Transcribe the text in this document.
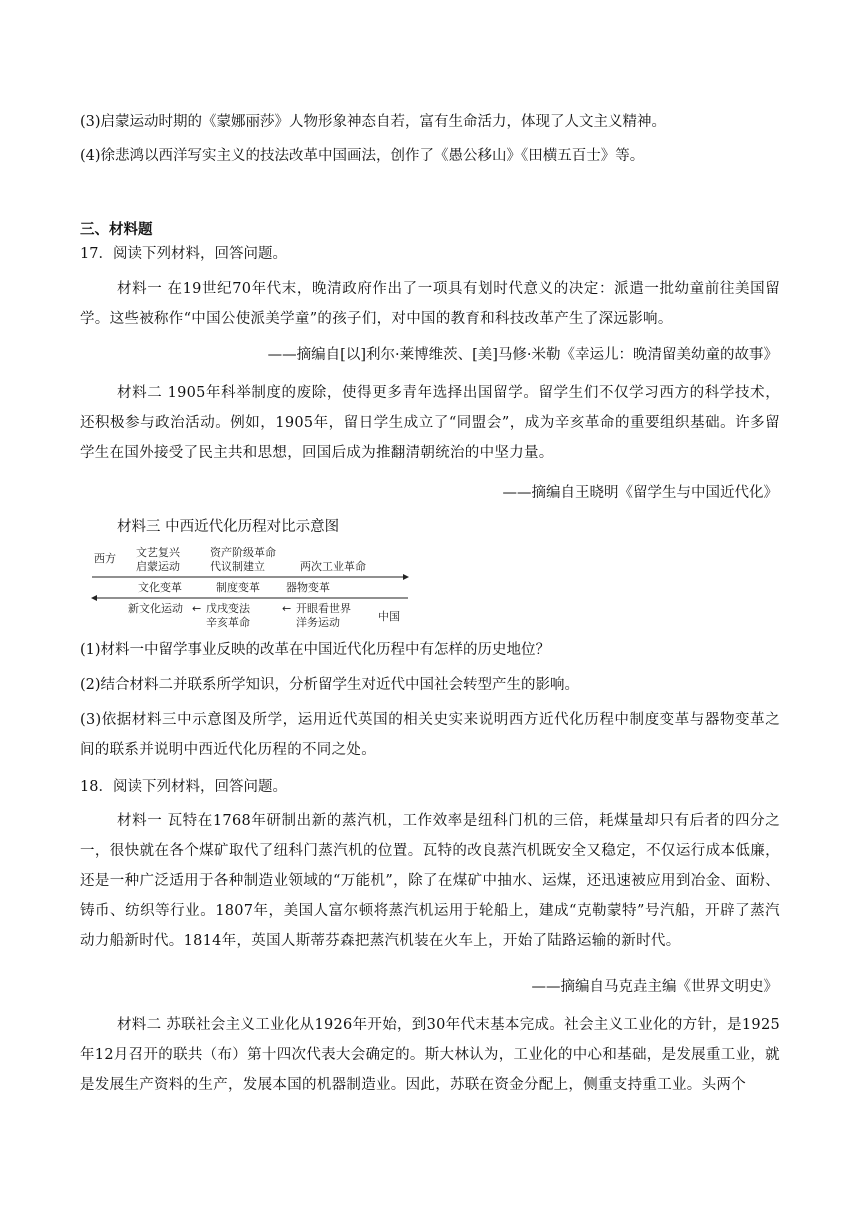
(3)启蒙运动时期的《蒙娜丽莎》人物形象神态自若，富有生命活力，体现了人文主义精神。
(4)徐悲鸿以西洋写实主义的技法改革中国画法，创作了《愚公移山》《田横五百士》等。
三、材料题
17．阅读下列材料，回答问题。
材料一 在19世纪70年代末，晚清政府作出了一项具有划时代意义的决定：派遣一批幼童前往美国留学。这些被称作“中国公使派美学童”的孩子们，对中国的教育和科技改革产生了深远影响。
——摘编自[以]利尔·莱博维茨、[美]马修·米勒《幸运儿：晚清留美幼童的故事》
材料二 1905年科举制度的废除，使得更多青年选择出国留学。留学生们不仅学习西方的科学技术，还积极参与政治活动。例如，1905年，留日学生成立了“同盟会”，成为辛亥革命的重要组织基础。许多留学生在国外接受了民主共和思想，回国后成为推翻清朝统治的中坚力量。
——摘编自王晓明《留学生与中国近代化》
材料三 中西近代化历程对比示意图
西方 文艺复兴
启蒙运动
资产阶级革命
代议制建立	两次工业革命
文化变革	制度变革 器物变革
新文化运动 ← 戊戌变法
辛亥革命
← 开眼看世界
洋务运动	中国
(1)材料一中留学事业反映的改革在中国近代化历程中有怎样的历史地位？
(2)结合材料二并联系所学知识，分析留学生对近代中国社会转型产生的影响。
(3)依据材料三中示意图及所学，运用近代英国的相关史实来说明西方近代化历程中制度变革与器物变革之间的联系并说明中西近代化历程的不同之处。
18．阅读下列材料，回答问题。
材料一 瓦特在1768年研制出新的蒸汽机，工作效率是纽科门机的三倍，耗煤量却只有后者的四分之一，很快就在各个煤矿取代了纽科门蒸汽机的位置。瓦特的改良蒸汽机既安全又稳定，不仅运行成本低廉，还是一种广泛适用于各种制造业领域的“万能机”，除了在煤矿中抽水、运煤，还迅速被应用到冶金、面粉、铸币、纺织等行业。1807年，美国人富尔顿将蒸汽机运用于轮船上，建成“克勒蒙特”号汽船，开辟了蒸汽动力船新时代。1814年，英国人斯蒂芬森把蒸汽机装在火车上，开始了陆路运输的新时代。
——摘编自马克垚主编《世界文明史》
材料二 苏联社会主义工业化从1926年开始，到30年代末基本完成。社会主义工业化的方针，是1925年12月召开的联共（布）第十四次代表大会确定的。斯大林认为，工业化的中心和基础，是发展重工业，就是发展生产资料的生产，发展本国的机器制造业。因此，苏联在资金分配上，侧重支持重工业。头两个
